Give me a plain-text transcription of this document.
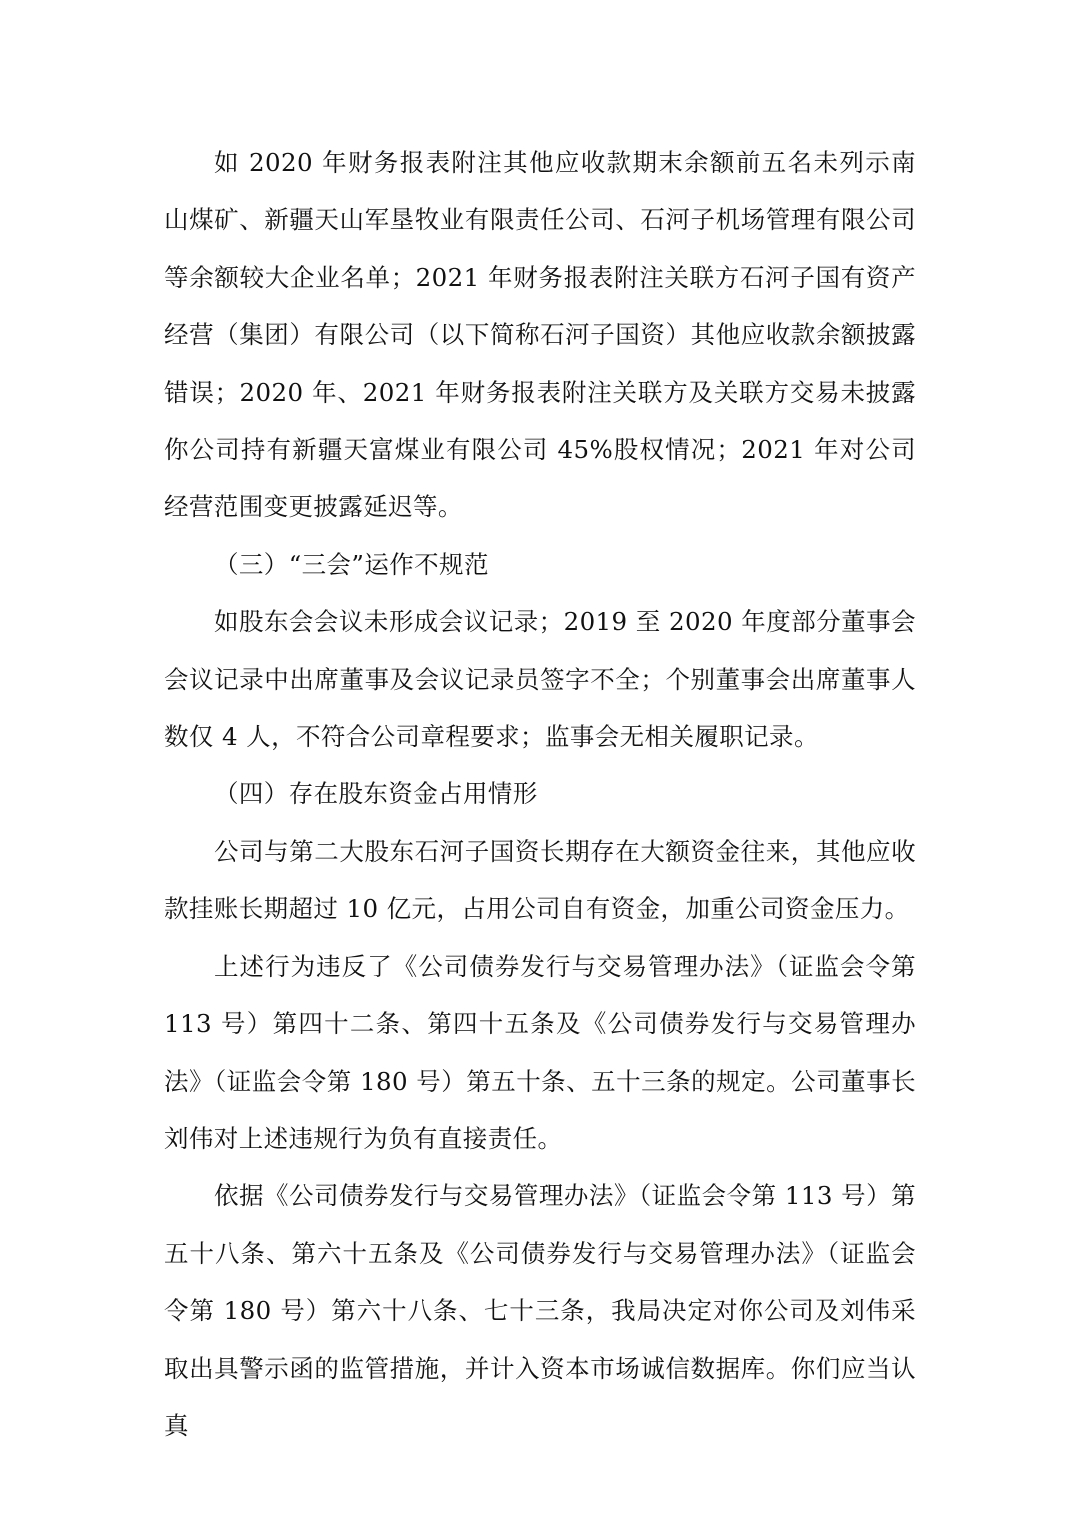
如 2020 年财务报表附注其他应收款期末余额前五名未列示南山煤矿、新疆天山军垦牧业有限责任公司、石河子机场管理有限公司等余额较大企业名单；2021 年财务报表附注关联方石河子国有资产经营（集团）有限公司（以下简称石河子国资）其他应收款余额披露错误；2020 年、2021 年财务报表附注关联方及关联方交易未披露你公司持有新疆天富煤业有限公司 45%股权情况；2021 年对公司经营范围变更披露延迟等。

（三）“三会”运作不规范

如股东会会议未形成会议记录；2019 至 2020 年度部分董事会会议记录中出席董事及会议记录员签字不全；个别董事会出席董事人数仅 4 人，不符合公司章程要求；监事会无相关履职记录。

（四）存在股东资金占用情形

公司与第二大股东石河子国资长期存在大额资金往来，其他应收款挂账长期超过 10 亿元，占用公司自有资金，加重公司资金压力。

上述行为违反了《公司债券发行与交易管理办法》（证监会令第 113 号）第四十二条、第四十五条及《公司债券发行与交易管理办法》（证监会令第 180 号）第五十条、五十三条的规定。公司董事长刘伟对上述违规行为负有直接责任。

依据《公司债券发行与交易管理办法》（证监会令第 113 号）第五十八条、第六十五条及《公司债券发行与交易管理办法》（证监会令第 180 号）第六十八条、七十三条，我局决定对你公司及刘伟采取出具警示函的监管措施，并计入资本市场诚信数据库。你们应当认真
